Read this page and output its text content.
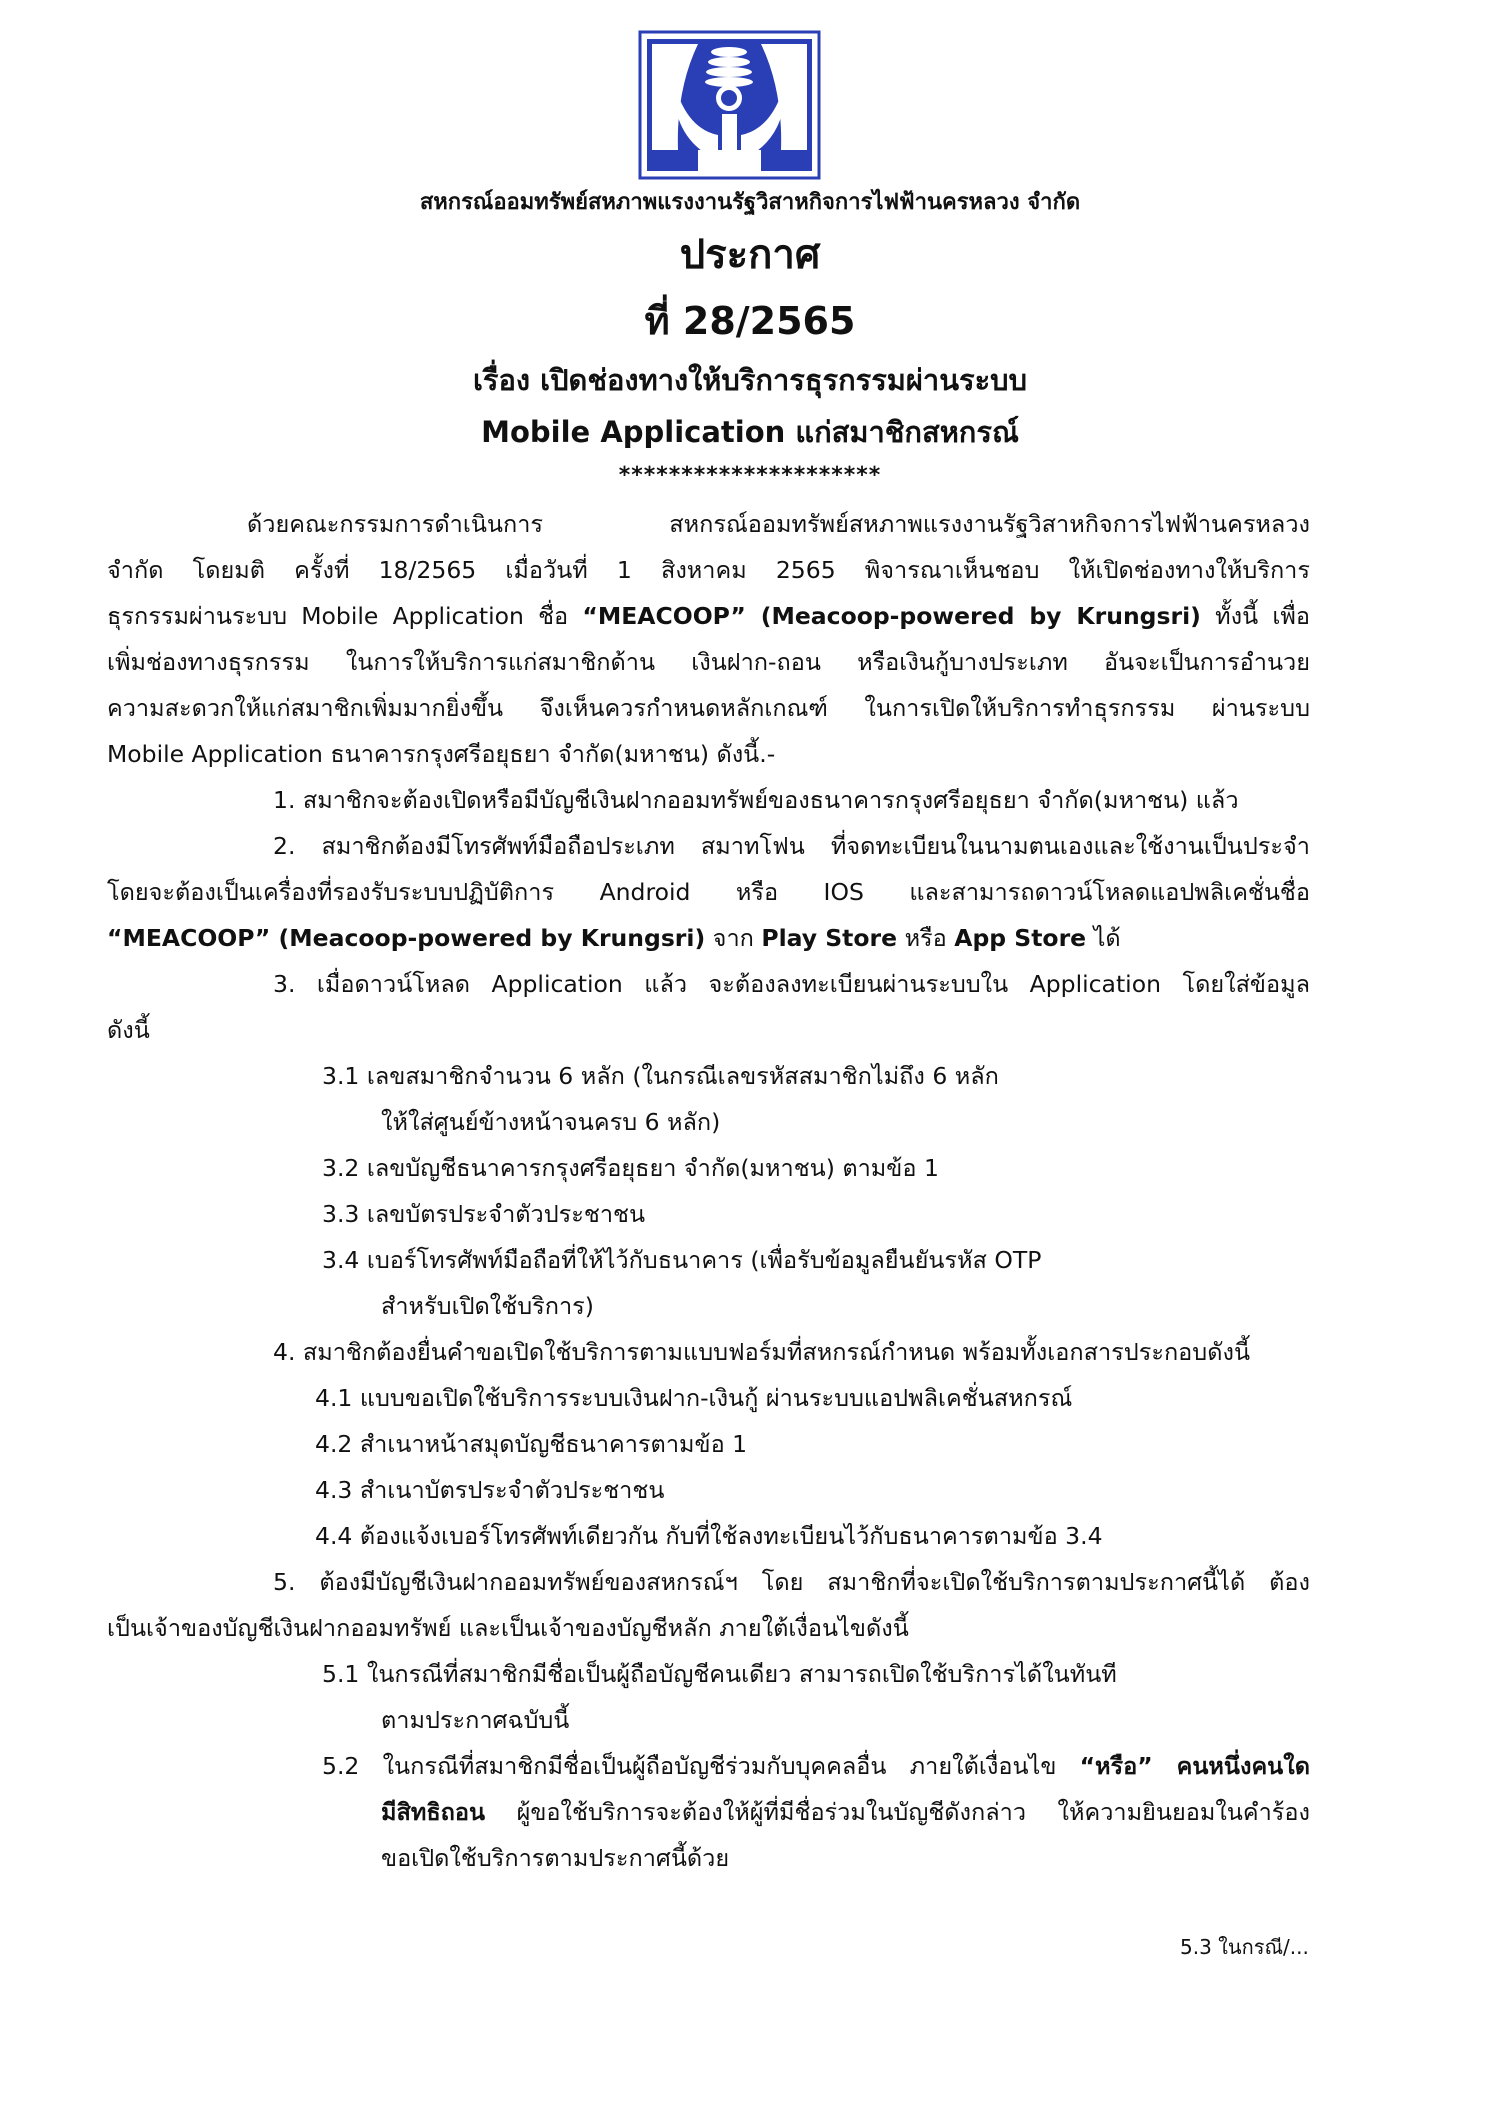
สหกรณ์ออมทรัพย์สหภาพแรงงานรัฐวิสาหกิจการไฟฟ้านครหลวง จำกัด
ประกาศ
ที่ 28/2565
เรื่อง เปิดช่องทางให้บริการธุรกรรมผ่านระบบ
Mobile Application แก่สมาชิกสหกรณ์
*********************
ด้วยคณะกรรมการดำเนินการ สหกรณ์ออมทรัพย์สหภาพแรงงานรัฐวิสาหกิจการไฟฟ้านครหลวง
จำกัด โดยมติ ครั้งที่ 18/2565 เมื่อวันที่ 1 สิงหาคม 2565 พิจารณาเห็นชอบ ให้เปิดช่องทางให้บริการ
ธุรกรรมผ่านระบบ Mobile Application ชื่อ “MEACOOP” (Meacoop-powered by Krungsri) ทั้งนี้ เพื่อ
เพิ่มช่องทางธุรกรรม ในการให้บริการแก่สมาชิกด้าน เงินฝาก-ถอน หรือเงินกู้บางประเภท อันจะเป็นการอำนวย
ความสะดวกให้แก่สมาชิกเพิ่มมากยิ่งขึ้น จึงเห็นควรกำหนดหลักเกณฑ์ ในการเปิดให้บริการทำธุรกรรม ผ่านระบบ
Mobile Application ธนาคารกรุงศรีอยุธยา จำกัด(มหาชน) ดังนี้.-
1. สมาชิกจะต้องเปิดหรือมีบัญชีเงินฝากออมทรัพย์ของธนาคารกรุงศรีอยุธยา จำกัด(มหาชน) แล้ว
2. สมาชิกต้องมีโทรศัพท์มือถือประเภท สมาทโฟน ที่จดทะเบียนในนามตนเองและใช้งานเป็นประจำ
โดยจะต้องเป็นเครื่องที่รองรับระบบปฏิบัติการ Android หรือ IOS และสามารถดาวน์โหลดแอปพลิเคชั่นชื่อ
“MEACOOP” (Meacoop-powered by Krungsri) จาก Play Store หรือ App Store ได้
3. เมื่อดาวน์โหลด Application แล้ว จะต้องลงทะเบียนผ่านระบบใน Application โดยใส่ข้อมูล
ดังนี้
3.1 เลขสมาชิกจำนวน 6 หลัก (ในกรณีเลขรหัสสมาชิกไม่ถึง 6 หลัก
ให้ใส่ศูนย์ข้างหน้าจนครบ 6 หลัก)
3.2 เลขบัญชีธนาคารกรุงศรีอยุธยา จำกัด(มหาชน) ตามข้อ 1
3.3 เลขบัตรประจำตัวประชาชน
3.4 เบอร์โทรศัพท์มือถือที่ให้ไว้กับธนาคาร (เพื่อรับข้อมูลยืนยันรหัส OTP
สำหรับเปิดใช้บริการ)
4. สมาชิกต้องยื่นคำขอเปิดใช้บริการตามแบบฟอร์มที่สหกรณ์กำหนด พร้อมทั้งเอกสารประกอบดังนี้
4.1 แบบขอเปิดใช้บริการระบบเงินฝาก-เงินกู้ ผ่านระบบแอปพลิเคชั่นสหกรณ์
4.2 สำเนาหน้าสมุดบัญชีธนาคารตามข้อ 1
4.3 สำเนาบัตรประจำตัวประชาชน
4.4 ต้องแจ้งเบอร์โทรศัพท์เดียวกัน กับที่ใช้ลงทะเบียนไว้กับธนาคารตามข้อ 3.4
5. ต้องมีบัญชีเงินฝากออมทรัพย์ของสหกรณ์ฯ โดย สมาชิกที่จะเปิดใช้บริการตามประกาศนี้ได้ ต้อง
เป็นเจ้าของบัญชีเงินฝากออมทรัพย์ และเป็นเจ้าของบัญชีหลัก ภายใต้เงื่อนไขดังนี้
5.1 ในกรณีที่สมาชิกมีชื่อเป็นผู้ถือบัญชีคนเดียว สามารถเปิดใช้บริการได้ในทันที
ตามประกาศฉบับนี้
5.2 ในกรณีที่สมาชิกมีชื่อเป็นผู้ถือบัญชีร่วมกับบุคคลอื่น ภายใต้เงื่อนไข “หรือ” คนหนึ่งคนใด
มีสิทธิถอน ผู้ขอใช้บริการจะต้องให้ผู้ที่มีชื่อร่วมในบัญชีดังกล่าว ให้ความยินยอมในคำร้อง
ขอเปิดใช้บริการตามประกาศนี้ด้วย
5.3 ในกรณี/...
